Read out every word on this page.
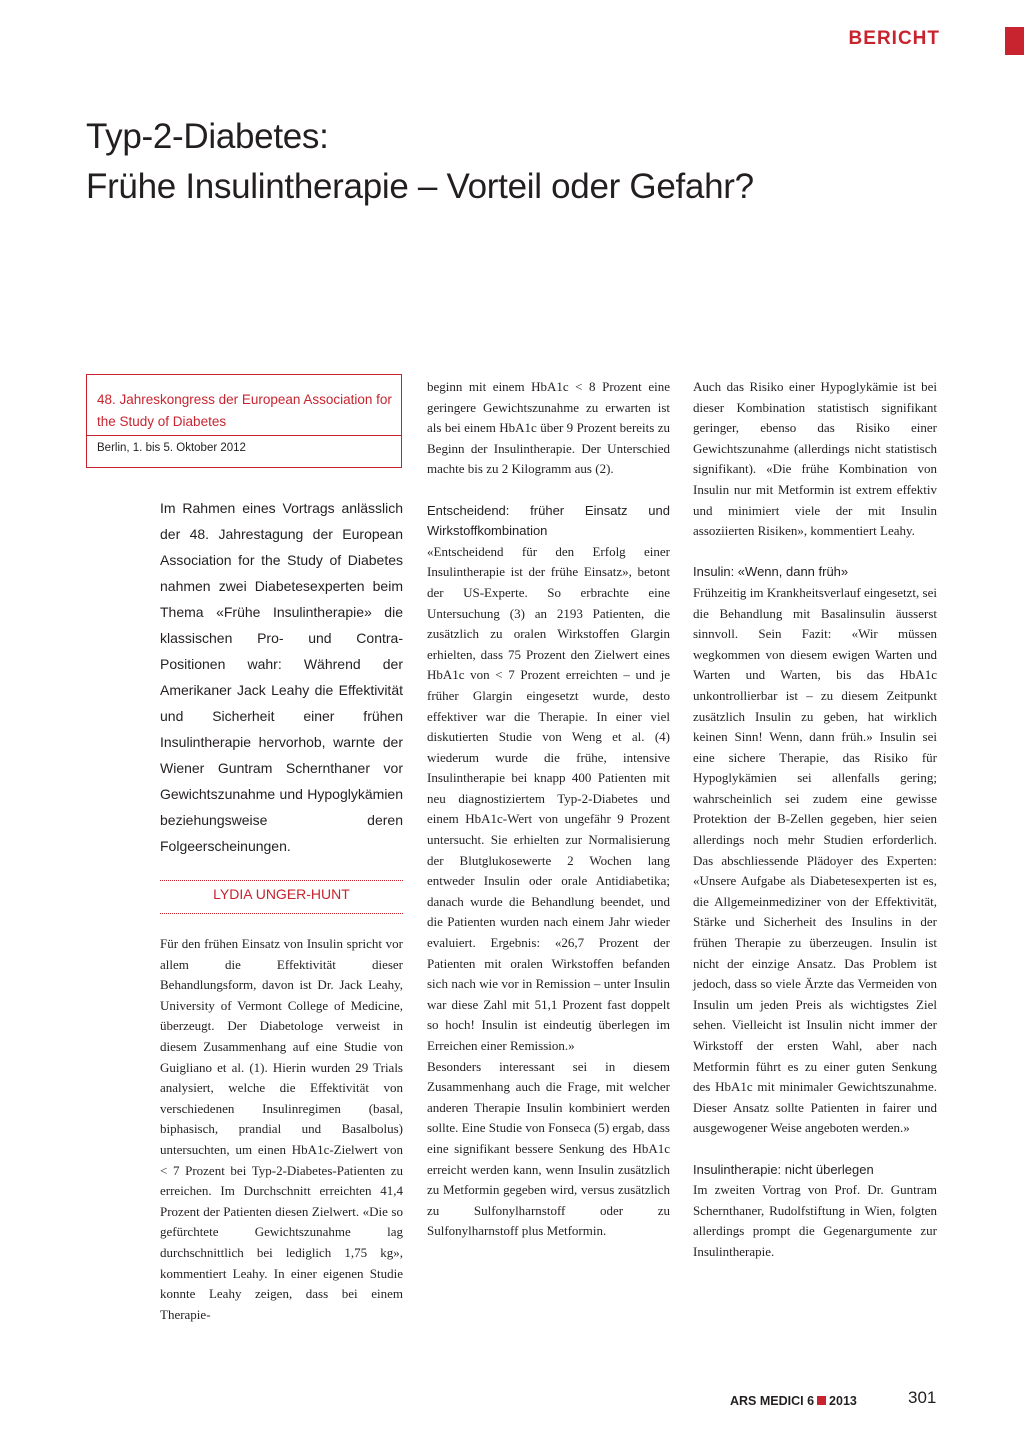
BERICHT
Typ-2-Diabetes:
Frühe Insulintherapie – Vorteil oder Gefahr?
48. Jahreskongress der European Association for the Study of Diabetes
Berlin, 1. bis 5. Oktober 2012
Im Rahmen eines Vortrags anlässlich der 48. Jahrestagung der European Association for the Study of Diabetes nahmen zwei Diabetesexperten beim Thema «Frühe Insulintherapie» die klassischen Pro- und Contra-Positionen wahr: Während der Amerikaner Jack Leahy die Effektivität und Sicherheit einer frühen Insulintherapie hervorhob, warnte der Wiener Guntram Schernthaner vor Gewichtszunahme und Hypoglykämien beziehungsweise deren Folgeerscheinungen.
LYDIA UNGER-HUNT

Für den frühen Einsatz von Insulin spricht vor allem die Effektivität dieser Behandlungsform, davon ist Dr. Jack Leahy, University of Vermont College of Medicine, überzeugt. Der Diabetologe verweist in diesem Zusammenhang auf eine Studie von Guigliano et al. (1). Hierin wurden 29 Trials analysiert, welche die Effektivität von verschiedenen Insulinregimen (basal, biphasisch, prandial und Basalbolus) untersuchten, um einen HbA1c-Zielwert von < 7 Prozent bei Typ-2-Diabetes-Patienten zu erreichen. Im Durchschnitt erreichten 41,4 Prozent der Patienten diesen Zielwert. «Die so gefürchtete Gewichtszunahme lag durchschnittlich bei lediglich 1,75 kg», kommentiert Leahy. In einer eigenen Studie konnte Leahy zeigen, dass bei einem Therapie-

beginn mit einem HbA1c < 8 Prozent eine geringere Gewichtszunahme zu erwarten ist als bei einem HbA1c über 9 Prozent bereits zu Beginn der Insulintherapie. Der Unterschied machte bis zu 2 Kilogramm aus (2).

Entscheidend: früher Einsatz und Wirkstoffkombination

«Entscheidend für den Erfolg einer Insulintherapie ist der frühe Einsatz», betont der US-Experte. So erbrachte eine Untersuchung (3) an 2193 Patienten, die zusätzlich zu oralen Wirkstoffen Glargin erhielten, dass 75 Prozent den Zielwert eines HbA1c von < 7 Prozent erreichten – und je früher Glargin eingesetzt wurde, desto effektiver war die Therapie. In einer viel diskutierten Studie von Weng et al. (4) wiederum wurde die frühe, intensive Insulintherapie bei knapp 400 Patienten mit neu diagnostiziertem Typ-2-Diabetes und einem HbA1c-Wert von ungefähr 9 Prozent untersucht. Sie erhielten zur Normalisierung der Blutglukosewerte 2 Wochen lang entweder Insulin oder orale Antidiabetika; danach wurde die Behandlung beendet, und die Patienten wurden nach einem Jahr wieder evaluiert. Ergebnis: «26,7 Prozent der Patienten mit oralen Wirkstoffen befanden sich nach wie vor in Remission – unter Insulin war diese Zahl mit 51,1 Prozent fast doppelt so hoch! Insulin ist eindeutig überlegen im Erreichen einer Remission.»

Besonders interessant sei in diesem Zusammenhang auch die Frage, mit welcher anderen Therapie Insulin kombiniert werden sollte. Eine Studie von Fonseca (5) ergab, dass eine signifikant bessere Senkung des HbA1c erreicht werden kann, wenn Insulin zusätzlich zu Metformin gegeben wird, versus zusätzlich zu Sulfonylharnstoff oder zu Sulfonylharnstoff plus Metformin.

Auch das Risiko einer Hypoglykämie ist bei dieser Kombination statistisch signifikant geringer, ebenso das Risiko einer Gewichtszunahme (allerdings nicht statistisch signifikant). «Die frühe Kombination von Insulin nur mit Metformin ist extrem effektiv und minimiert viele der mit Insulin assoziierten Risiken», kommentiert Leahy.

Insulin: «Wenn, dann früh»

Frühzeitig im Krankheitsverlauf eingesetzt, sei die Behandlung mit Basalinsulin äusserst sinnvoll. Sein Fazit: «Wir müssen wegkommen von diesem ewigen Warten und Warten und Warten, bis das HbA1c unkontrollierbar ist – zu diesem Zeitpunkt zusätzlich Insulin zu geben, hat wirklich keinen Sinn! Wenn, dann früh.» Insulin sei eine sichere Therapie, das Risiko für Hypoglykämien sei allenfalls gering; wahrscheinlich sei zudem eine gewisse Protektion der B-Zellen gegeben, hier seien allerdings noch mehr Studien erforderlich. Das abschliessende Plädoyer des Experten: «Unsere Aufgabe als Diabetesexperten ist es, die Allgemeinmediziner von der Effektivität, Stärke und Sicherheit des Insulins in der frühen Therapie zu überzeugen. Insulin ist nicht der einzige Ansatz. Das Problem ist jedoch, dass so viele Ärzte das Vermeiden von Insulin um jeden Preis als wichtigstes Ziel sehen. Vielleicht ist Insulin nicht immer der Wirkstoff der ersten Wahl, aber nach Metformin führt es zu einer guten Senkung des HbA1c mit minimaler Gewichtszunahme. Dieser Ansatz sollte Patienten in fairer und ausgewogener Weise angeboten werden.»

Insulintherapie: nicht überlegen

Im zweiten Vortrag von Prof. Dr. Guntram Schernthaner, Rudolfstiftung in Wien, folgten allerdings prompt die Gegenargumente zur Insulintherapie.

ARS MEDICI 6 2013	301
